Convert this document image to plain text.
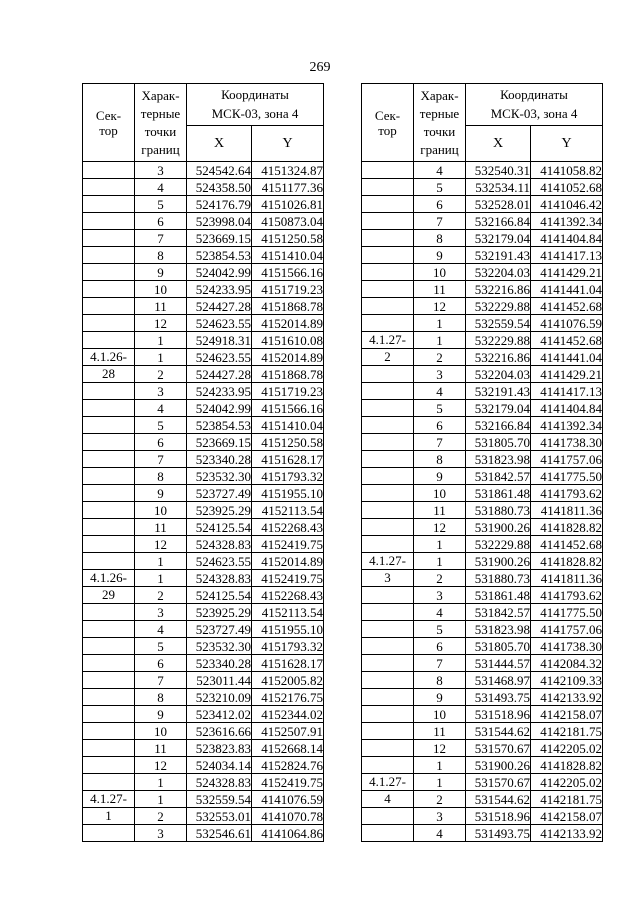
269
Сек-
тор	Харак-
терные
точки
границ	Координаты
МСК-03, зона 4	
		X	Y
	3	524542.64	4151324.87
	4	524358.50	4151177.36
	5	524176.79	4151026.81
	6	523998.04	4150873.04
	7	523669.15	4151250.58
	8	523854.53	4151410.04
	9	524042.99	4151566.16
	10	524233.95	4151719.23
	11	524427.28	4151868.78
	12	524623.55	4152014.89
	1	524918.31	4151610.08
4.1.26-	1	524623.55	4152014.89
28	2	524427.28	4151868.78
	3	524233.95	4151719.23
	4	524042.99	4151566.16
	5	523854.53	4151410.04
	6	523669.15	4151250.58
	7	523340.28	4151628.17
	8	523532.30	4151793.32
	9	523727.49	4151955.10
	10	523925.29	4152113.54
	11	524125.54	4152268.43
	12	524328.83	4152419.75
	1	524623.55	4152014.89
4.1.26-	1	524328.83	4152419.75
29	2	524125.54	4152268.43
	3	523925.29	4152113.54
	4	523727.49	4151955.10
	5	523532.30	4151793.32
	6	523340.28	4151628.17
	7	523011.44	4152005.82
	8	523210.09	4152176.75
	9	523412.02	4152344.02
	10	523616.66	4152507.91
	11	523823.83	4152668.14
	12	524034.14	4152824.76
	1	524328.83	4152419.75
4.1.27-	1	532559.54	4141076.59
1	2	532553.01	4141070.78
	3	532546.61	4141064.86
Сек-
тор	Харак-
терные
точки
границ	Координаты
МСК-03, зона 4	
		X	Y
	4	532540.31	4141058.82
	5	532534.11	4141052.68
	6	532528.01	4141046.42
	7	532166.84	4141392.34
	8	532179.04	4141404.84
	9	532191.43	4141417.13
	10	532204.03	4141429.21
	11	532216.86	4141441.04
	12	532229.88	4141452.68
	1	532559.54	4141076.59
4.1.27-	1	532229.88	4141452.68
2	2	532216.86	4141441.04
	3	532204.03	4141429.21
	4	532191.43	4141417.13
	5	532179.04	4141404.84
	6	532166.84	4141392.34
	7	531805.70	4141738.30
	8	531823.98	4141757.06
	9	531842.57	4141775.50
	10	531861.48	4141793.62
	11	531880.73	4141811.36
	12	531900.26	4141828.82
	1	532229.88	4141452.68
4.1.27-	1	531900.26	4141828.82
3	2	531880.73	4141811.36
	3	531861.48	4141793.62
	4	531842.57	4141775.50
	5	531823.98	4141757.06
	6	531805.70	4141738.30
	7	531444.57	4142084.32
	8	531468.97	4142109.33
	9	531493.75	4142133.92
	10	531518.96	4142158.07
	11	531544.62	4142181.75
	12	531570.67	4142205.02
	1	531900.26	4141828.82
4.1.27-	1	531570.67	4142205.02
4	2	531544.62	4142181.75
	3	531518.96	4142158.07
	4	531493.75	4142133.92
